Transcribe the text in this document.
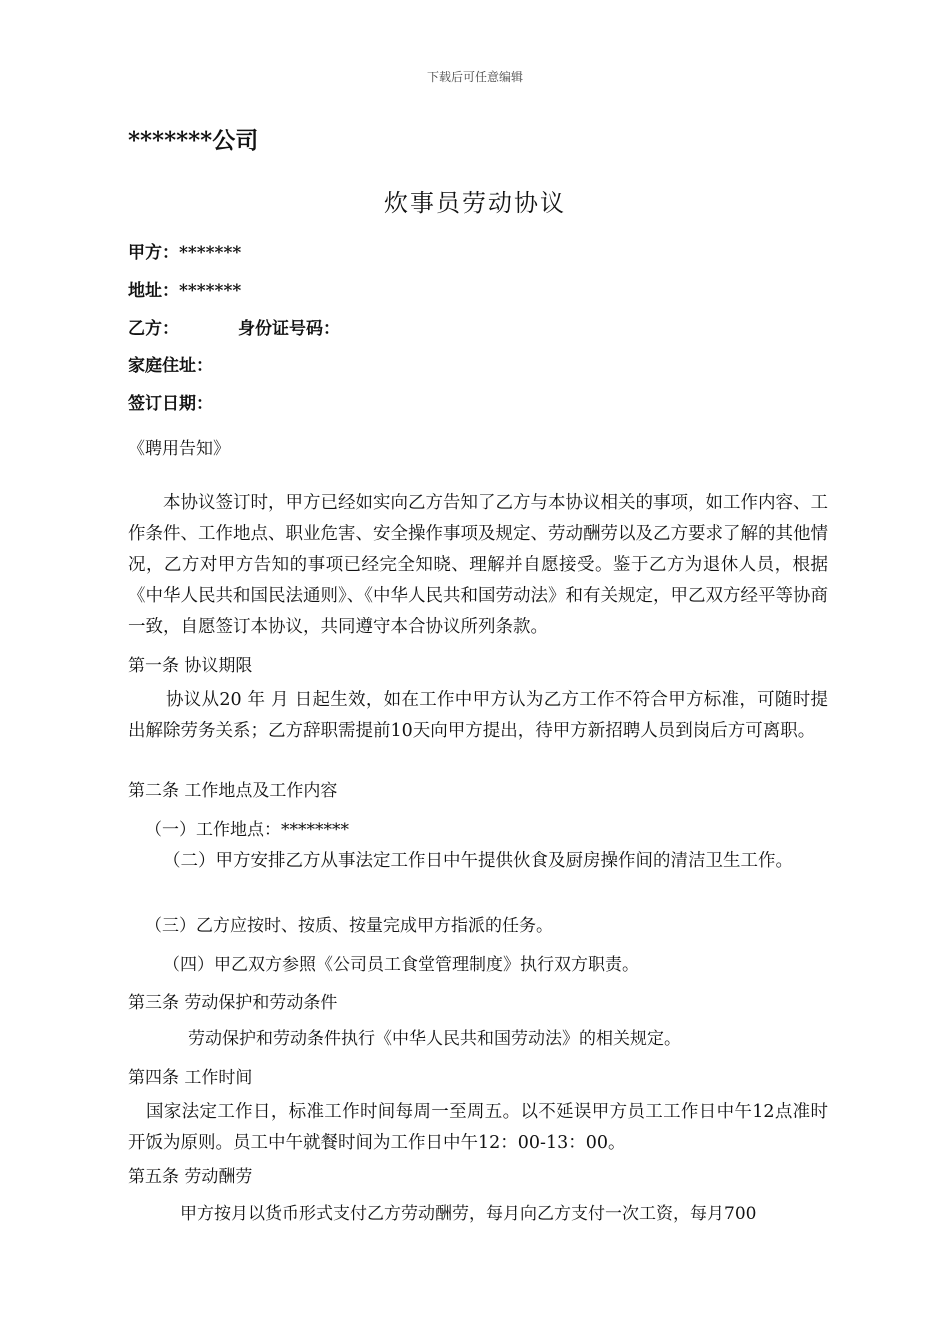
下载后可任意编辑
*******公司
炊事员劳动协议
甲方：*******
地址：*******
乙方：	身份证号码：
家庭住址：
签订日期：
《聘用告知》
本协议签订时，甲方已经如实向乙方告知了乙方与本协议相关的事项，如工作内容、工作条件、工作地点、职业危害、安全操作事项及规定、劳动酬劳以及乙方要求了解的其他情况，乙方对甲方告知的事项已经完全知晓、理解并自愿接受。鉴于乙方为退休人员，根据《中华人民共和国民法通则》、《中华人民共和国劳动法》和有关规定，甲乙双方经平等协商一致，自愿签订本协议，共同遵守本合协议所列条款。
第一条 协议期限
协议从20 年 月 日起生效，如在工作中甲方认为乙方工作不符合甲方标准，可随时提出解除劳务关系；乙方辞职需提前10天向甲方提出，待甲方新招聘人员到岗后方可离职。
第二条 工作地点及工作内容
（一）工作地点：********
（二）甲方安排乙方从事法定工作日中午提供伙食及厨房操作间的清洁卫生工作。
（三）乙方应按时、按质、按量完成甲方指派的任务。
（四）甲乙双方参照《公司员工食堂管理制度》执行双方职责。
第三条 劳动保护和劳动条件
劳动保护和劳动条件执行《中华人民共和国劳动法》的相关规定。
第四条 工作时间
国家法定工作日，标准工作时间每周一至周五。以不延误甲方员工工作日中午12点准时开饭为原则。员工中午就餐时间为工作日中午12：00-13：00。
第五条 劳动酬劳
甲方按月以货币形式支付乙方劳动酬劳，每月向乙方支付一次工资，每月700
